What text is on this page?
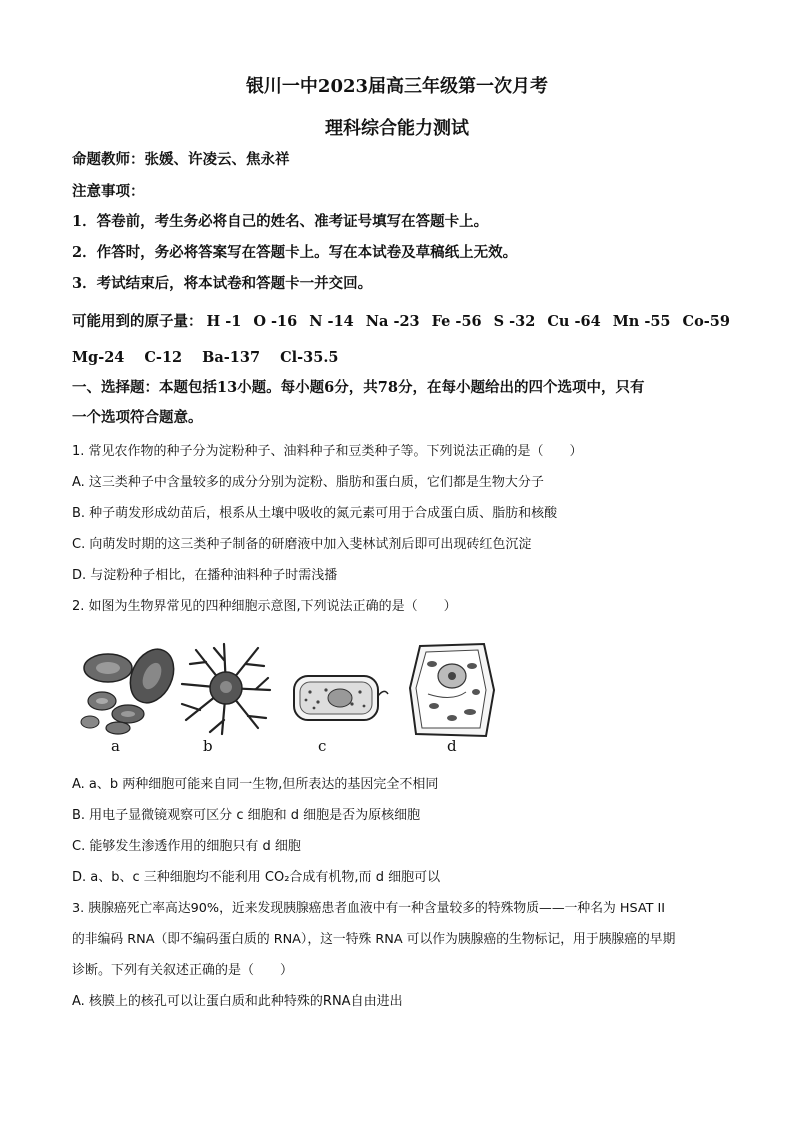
银川一中2023届高三年级第一次月考
理科综合能力测试
命题教师：张媛、许凌云、焦永祥
注意事项：
1．答卷前，考生务必将自己的姓名、准考证号填写在答题卡上。
2．作答时，务必将答案写在答题卡上。写在本试卷及草稿纸上无效。
3．考试结束后，将本试卷和答题卡一并交回。
可能用到的原子量： H -1 O -16 N -14 Na -23 Fe -56 S -32 Cu -64 Mn -55 Co-59
Mg-24 C-12 Ba-137 Cl-35.5
一、选择题：本题包括13小题。每小题6分，共78分，在每小题给出的四个选项中，只有
一个选项符合题意。
1. 常见农作物的种子分为淀粉种子、油料种子和豆类种子等。下列说法正确的是（　　）
A. 这三类种子中含量较多的成分分别为淀粉、脂肪和蛋白质，它们都是生物大分子
B. 种子萌发形成幼苗后，根系从土壤中吸收的氮元素可用于合成蛋白质、脂肪和核酸
C. 向萌发时期的这三类种子制备的研磨液中加入斐林试剂后即可出现砖红色沉淀
D. 与淀粉种子相比，在播种油料种子时需浅播
2. 如图为生物界常见的四种细胞示意图,下列说法正确的是（　　）
a	b	c	d
A. a、b 两种细胞可能来自同一生物,但所表达的基因完全不相同
B. 用电子显微镜观察可区分 c 细胞和 d 细胞是否为原核细胞
C. 能够发生渗透作用的细胞只有 d 细胞
D. a、b、c 三种细胞均不能利用 CO₂合成有机物,而 d 细胞可以
3. 胰腺癌死亡率高达90%，近来发现胰腺癌患者血液中有一种含量较多的特殊物质——一种名为 HSAT II
的非编码 RNA（即不编码蛋白质的 RNA），这一特殊 RNA 可以作为胰腺癌的生物标记，用于胰腺癌的早期
诊断。下列有关叙述正确的是（　　）
A. 核膜上的核孔可以让蛋白质和此种特殊的RNA自由进出
